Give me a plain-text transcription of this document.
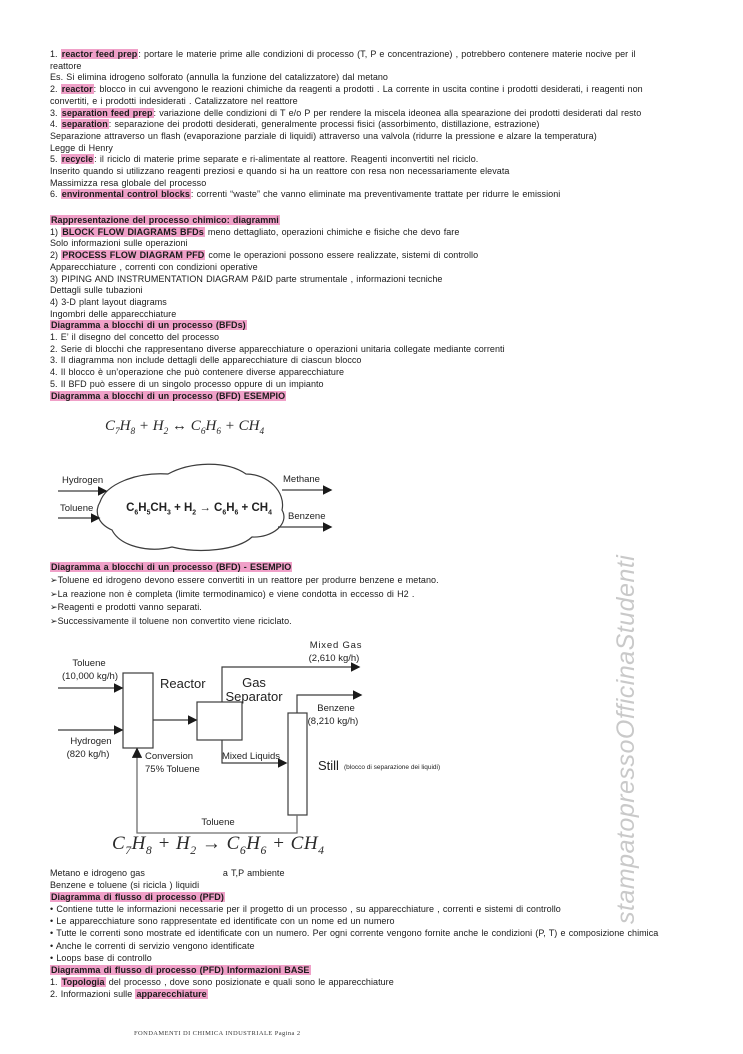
stampatopressoOfficinaStudenti
1. reactor feed prep: portare le materie prime alle condizioni di processo (T, P e concentrazione) , potrebbero contenere materie nocive per il
reattore
Es. Si elimina idrogeno solforato (annulla la funzione del catalizzatore) dal metano
2. reactor: blocco in cui avvengono le reazioni chimiche da reagenti a prodotti . La corrente in uscita contine i prodotti desiderati, i reagenti non
convertiti, e i prodotti indesiderati . Catalizzatore nel reattore
3. separation feed prep: variazione delle condizioni di T e/o P per rendere la miscela ideonea alla spearazione dei prodotti desiderati dal resto
4. separation: separazione dei prodotti desiderati, generalmente processi fisici (assorbimento, distillazione, estrazione)
Separazione attraverso un flash (evaporazione parziale di liquidi) attraverso una valvola (ridurre la pressione e alzare la temperatura)
Legge di Henry
5. recycle: il riciclo di materie prime separate e ri-alimentate al reattore. Reagenti inconvertiti nel riciclo.
Inserito quando si utilizzano reagenti preziosi e quando si ha un reattore con resa non necessariamente elevata
Massimizza resa globale del processo
6. environmental control blocks: correnti “waste” che vanno eliminate ma preventivamente trattate per ridurre le emissioni
Rappresentazione del processo chimico: diagrammi
1) BLOCK FLOW DIAGRAMS BFDs meno dettagliato, operazioni chimiche e fisiche che devo fare
Solo informazioni sulle operazioni
2) PROCESS FLOW DIAGRAM PFD come le operazioni possono essere realizzate, sistemi di controllo
Apparecchiature , correnti con condizioni operative
3) PIPING AND INSTRUMENTATION DIAGRAM P&ID parte strumentale , informazioni tecniche
Dettagli sulle tubazioni
4) 3-D plant layout diagrams
Ingombri delle apparecchiature
Diagramma a blocchi di un processo (BFDs)
1. E’ il disegno del concetto del processo
2. Serie di blocchi che rappresentano diverse apparecchiature o operazioni unitaria collegate mediante correnti
3. Il diagramma non include dettagli delle apparecchiature di ciascun blocco
4. Il blocco è un’operazione che può contenere diverse apparecchiature
5. Il BFD può essere di un singolo processo oppure di un impianto
Diagramma a blocchi di un processo (BFD) ESEMPIO
$C_7H_8 + H_2$ ↔ $C_6H_6 + CH_4$
Hydrogen
Toluene
Methane
Benzene
$C_6H_5CH_3 + H_2 \to C_6H_6 + CH_4$
Diagramma a blocchi di un processo (BFD) - ESEMPIO
➢Toluene ed idrogeno devono essere convertiti in un reattore per produrre benzene e metano.
➢La reazione non è completa (limite termodinamico) e viene condotta in eccesso di H2 .
➢Reagenti e prodotti vanno separati.
➢Successivamente il toluene non convertito viene riciclato.
Toluene
(10,000 kg/h)
Hydrogen
(820 kg/h)
Reactor
Conversion
75% Toluene
Gas
Separator
Mixed Gas
(2,610 kg/h)
Mixed Liquids
Benzene
(8,210 kg/h)
Still (blocco di separazione dei liquidi)
Toluene
$C_7H_8 + H_2 \to C_6H_6 + CH_4$
Metano e idrogeno gas	a T,P ambiente
Benzene e toluene (si ricicla ) liquidi
Diagramma di flusso di processo (PFD)
• Contiene tutte le informazioni necessarie per il progetto di un processo , su apparecchiature , correnti e sistemi di controllo
• Le apparecchiature sono rappresentate ed identificate con un nome ed un numero
• Tutte le correnti sono mostrate ed identificate con un numero. Per ogni corrente vengono fornite anche le condizioni (P, T) e composizione chimica
• Anche le correnti di servizio vengono identificate
• Loops base di controllo
Diagramma di flusso di processo (PFD) Informazioni BASE
1. Topologia del processo , dove sono posizionate e quali sono le apparecchiature
2. Informazioni sulle apparecchiature
FONDAMENTI DI CHIMICA INDUSTRIALE Pagina 2
